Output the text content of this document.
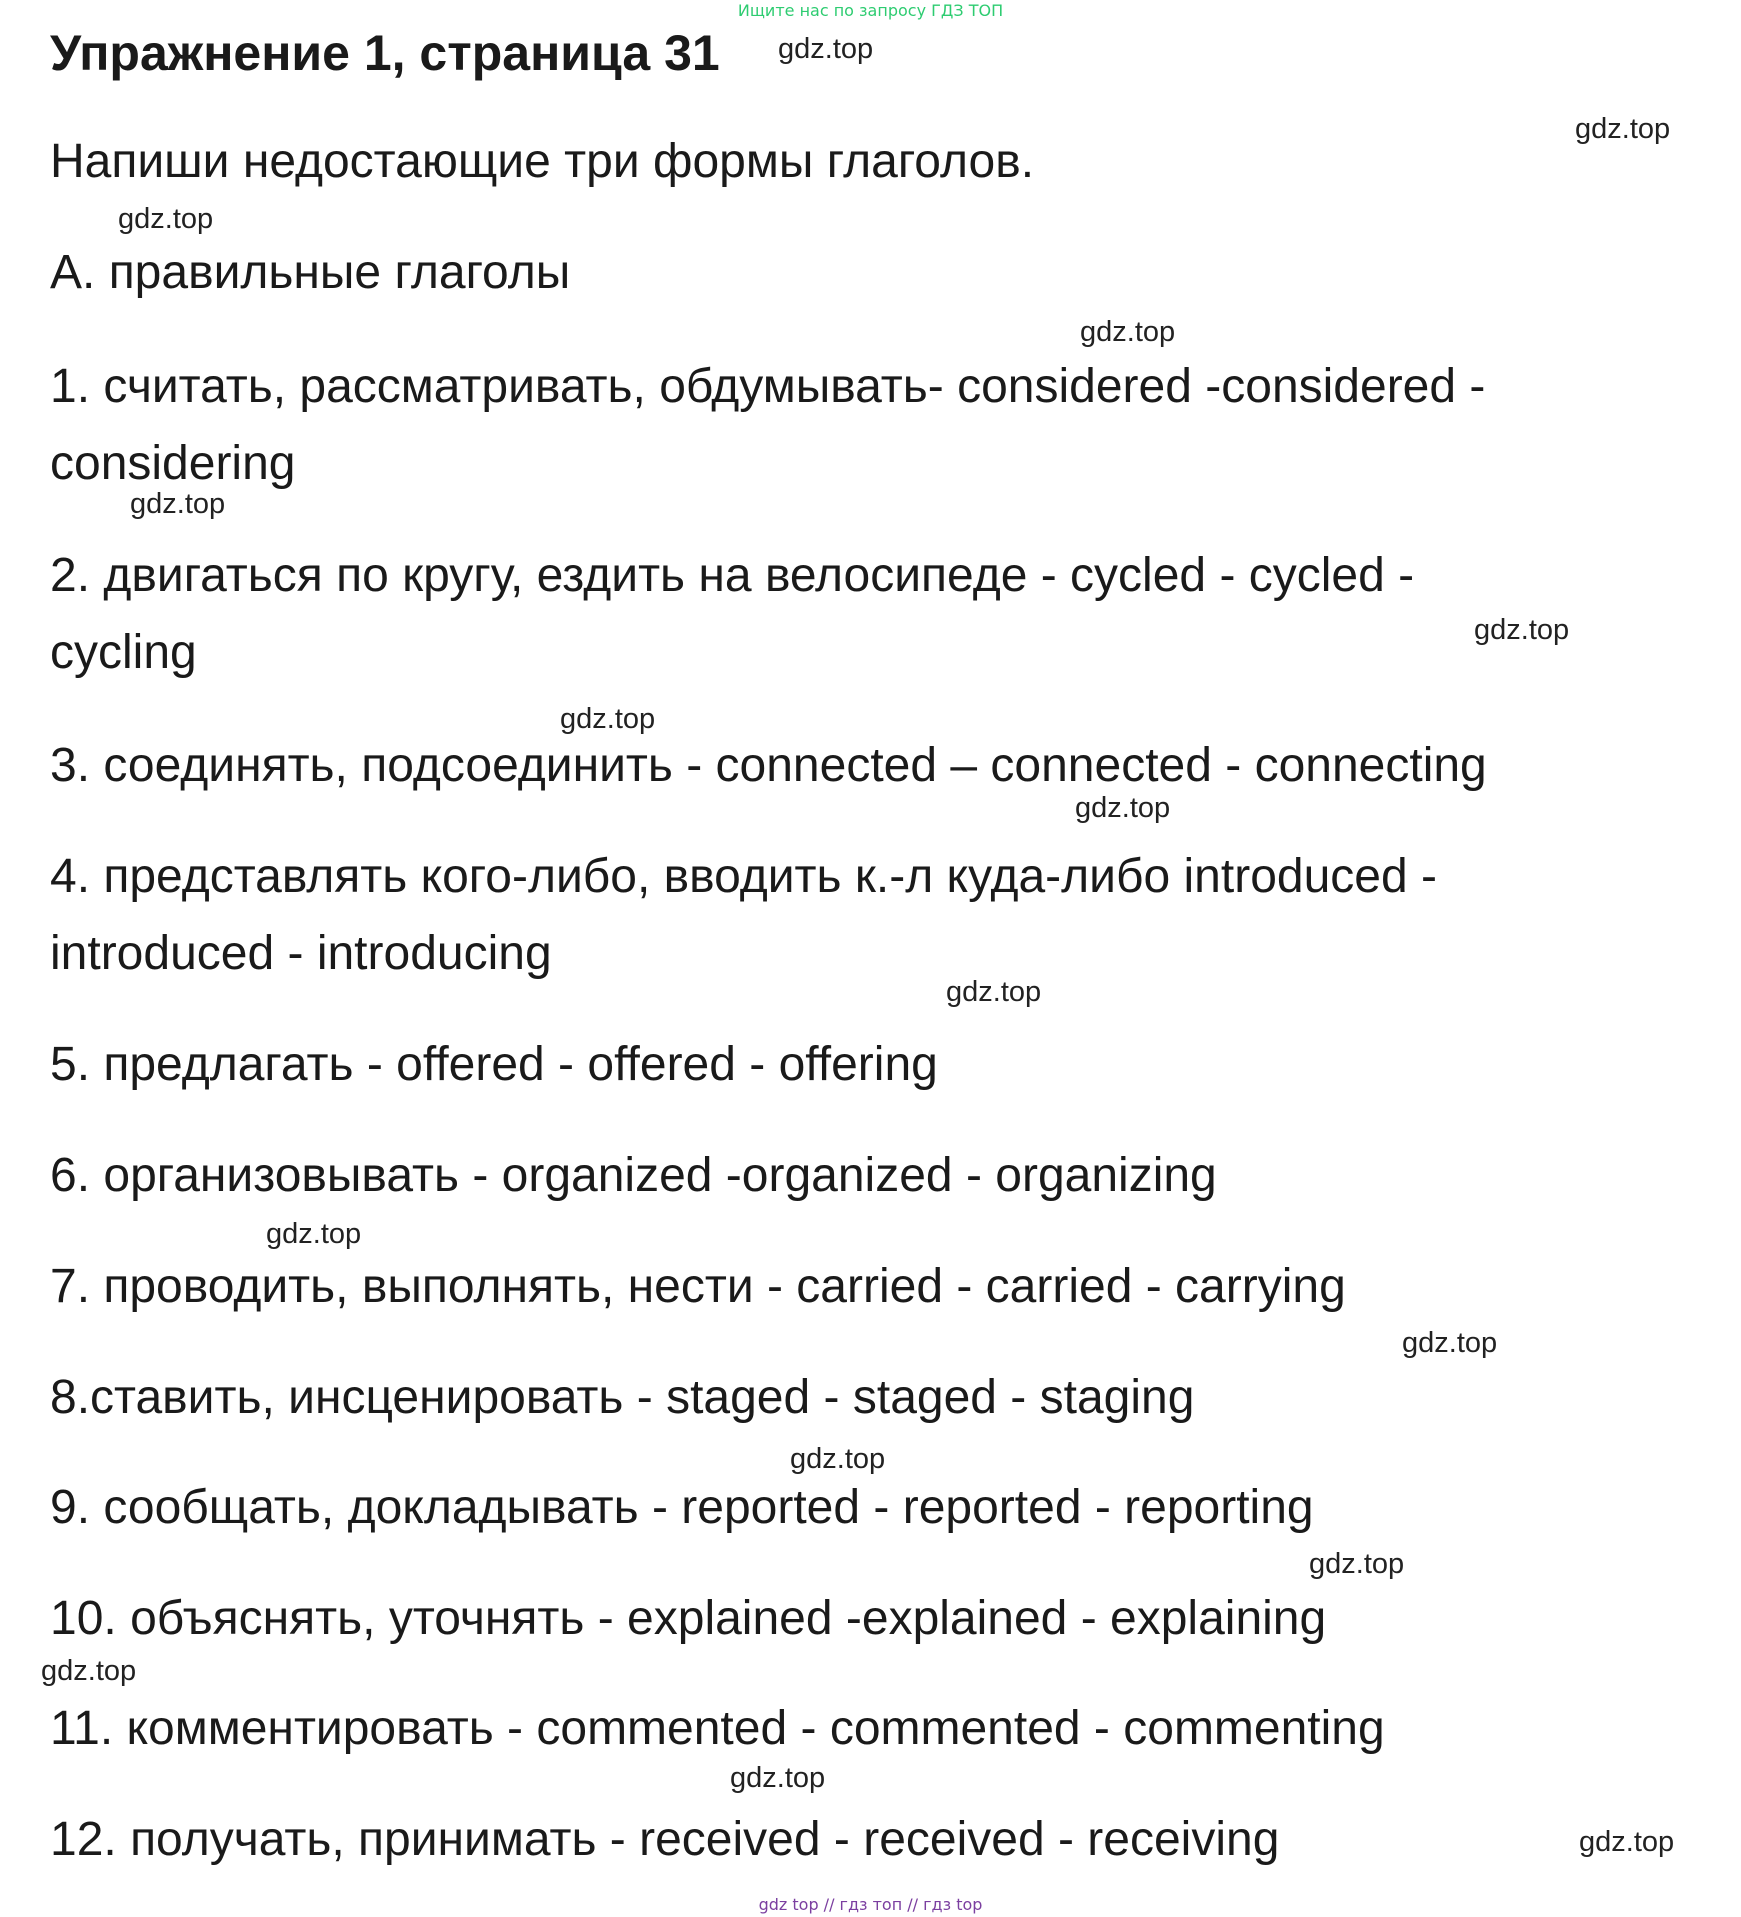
Ищите нас по запросу ГДЗ ТОП
Упражнение 1, страница 31
Напиши недостающие три формы глаголов.
А. правильные глаголы
1. считать, рассматривать, обдумывать- considered -considered -
considering
2. двигаться по кругу, ездить на велосипеде - cycled - cycled -
cycling
3. соединять, подсоединить - connected – connected - connecting
4. представлять кого-либо, вводить к.-л куда-либо introduced -
introduced - introducing
5. предлагать - offered - offered - offering
6. организовывать - organized -organized - organizing
7. проводить, выполнять, нести - carried - carried - carrying
8.ставить, инсценировать - staged - staged - staging
9. сообщать, докладывать - reported - reported - reporting
10. объяснять, уточнять - explained -explained - explaining
11. комментировать - commented - commented - commenting
12. получать, принимать - received - received - receiving
gdz.top
gdz.top
gdz.top
gdz.top
gdz.top
gdz.top
gdz.top
gdz.top
gdz.top
gdz.top
gdz.top
gdz.top
gdz.top
gdz.top
gdz.top
gdz.top
gdz top // гдз топ // гдз top
